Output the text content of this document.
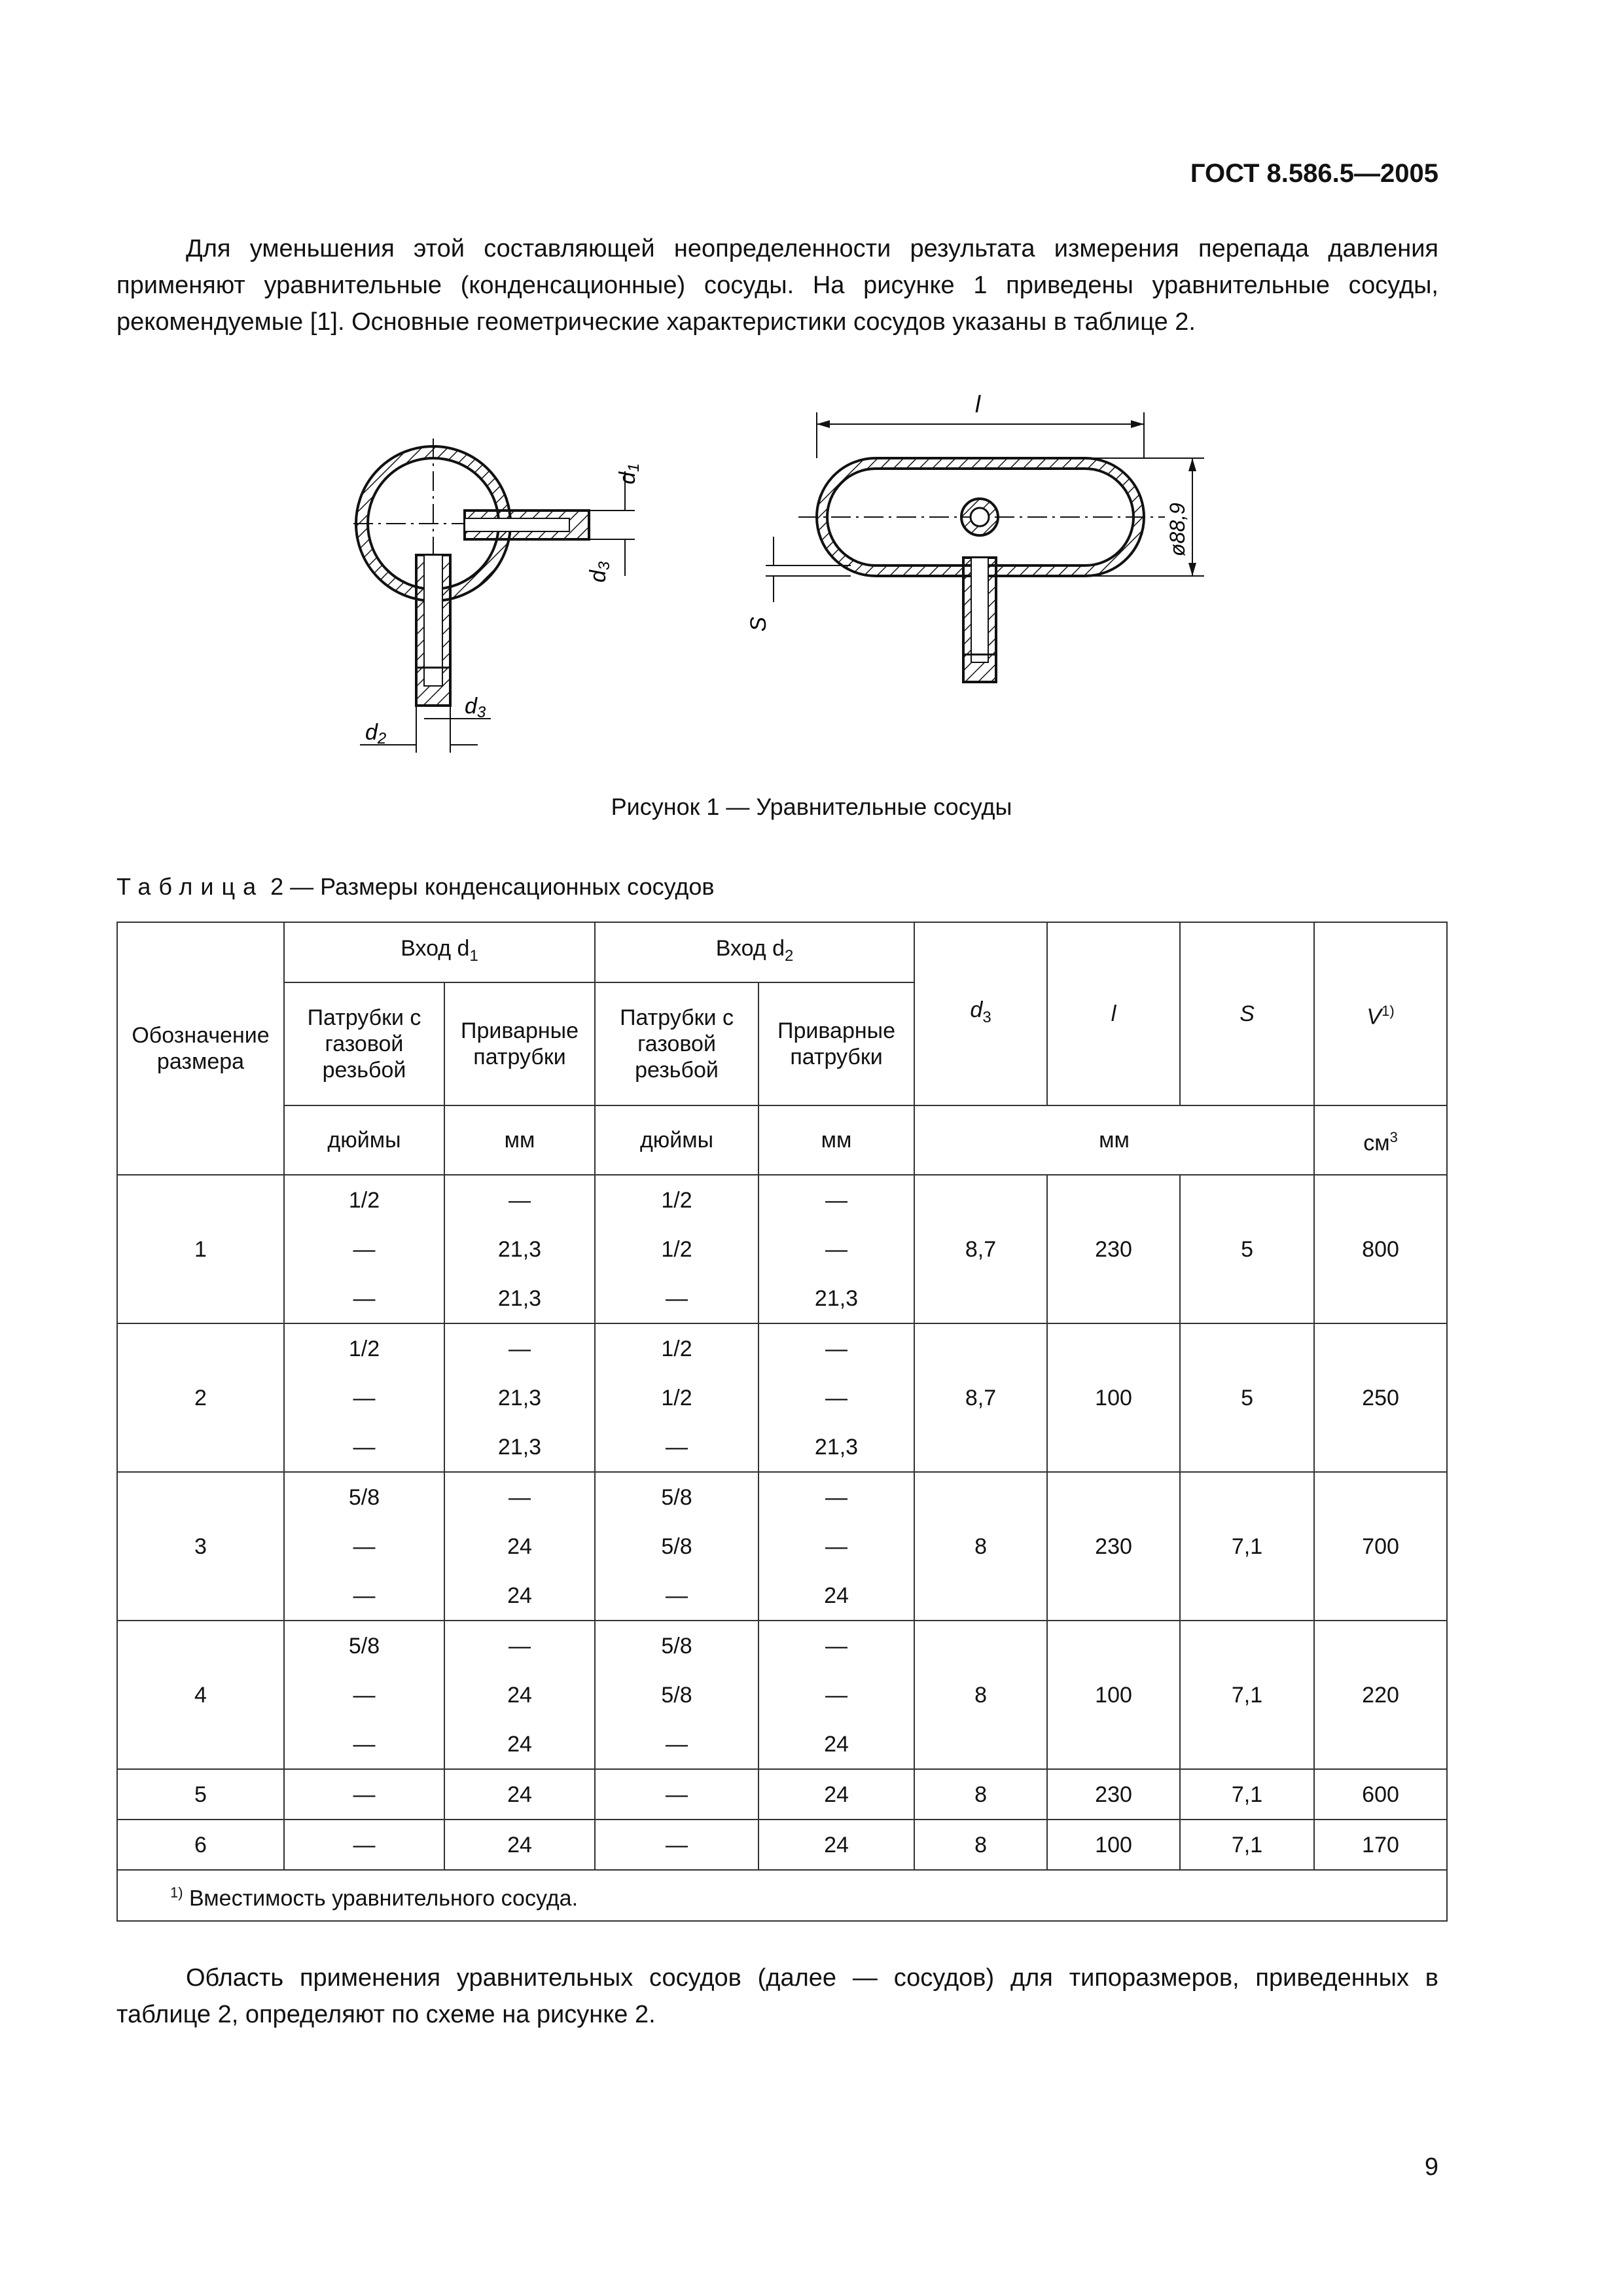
ГОСТ 8.586.5—2005

Для уменьшения этой составляющей неопределенности результата измерения перепада давления применяют уравнительные (конденсационные) сосуды. На рисунке 1 приведены уравнительные сосуды, рекомендуемые [1]. Основные геометрические характеристики сосудов указаны в таблице 2.

d1
d3
d3
d2
l
ø88,9
S
Рисунок 1 — Уравнительные сосуды
Таблица 2 — Размеры конденсационных сосудов
Обозначение размера	Вход $d_1$		Вход $d_2$		$d_3$	l	S	$V^{1)}$
	Патрубки с газовой резьбой	Приварные патрубки	Патрубки с газовой резьбой	Приварные патрубки				
	дюймы	мм	дюймы	мм	мм			$см^3$
1	1/2	—	1/2	—	8,7	230	5	800
	—	21,3	1/2	—				
	—	21,3	—	21,3				
2	1/2	—	1/2	—	8,7	100	5	250
	—	21,3	1/2	—				
	—	21,3	—	21,3				
3	5/8	—	5/8	—	8	230	7,1	700
	—	24	5/8	—				
	—	24	—	24				
4	5/8	—	5/8	—	8	100	7,1	220
	—	24	5/8	—				
	—	24	—	24				
5	—	24	—	24	8	230	7,1	600
6	—	24	—	24	8	100	7,1	170
$^{1)}$ Вместимость уравнительного сосуда.								
9

Область применения уравнительных сосудов (далее — сосудов) для типоразмеров, приведенных в таблице 2, определяют по схеме на рисунке 2.
